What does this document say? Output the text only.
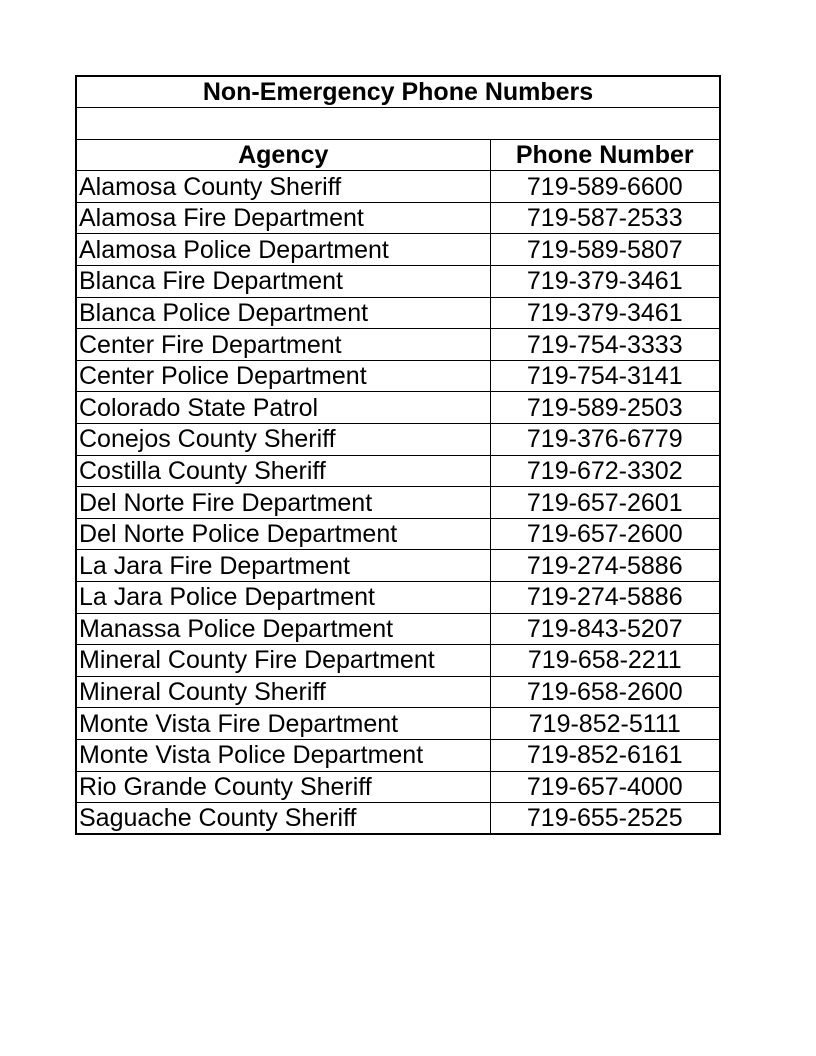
Non-Emergency Phone Numbers	

Agency	Phone Number
Alamosa County Sheriff	719-589-6600
Alamosa Fire Department	719-587-2533
Alamosa Police Department	719-589-5807
Blanca Fire Department	719-379-3461
Blanca Police Department	719-379-3461
Center Fire Department	719-754-3333
Center Police Department	719-754-3141
Colorado State Patrol	719-589-2503
Conejos County Sheriff	719-376-6779
Costilla County Sheriff	719-672-3302
Del Norte Fire Department	719-657-2601
Del Norte Police Department	719-657-2600
La Jara Fire Department	719-274-5886
La Jara Police Department	719-274-5886
Manassa Police Department	719-843-5207
Mineral County Fire Department	719-658-2211
Mineral County Sheriff	719-658-2600
Monte Vista Fire Department	719-852-5111
Monte Vista Police Department	719-852-6161
Rio Grande County Sheriff	719-657-4000
Saguache County Sheriff	719-655-2525
